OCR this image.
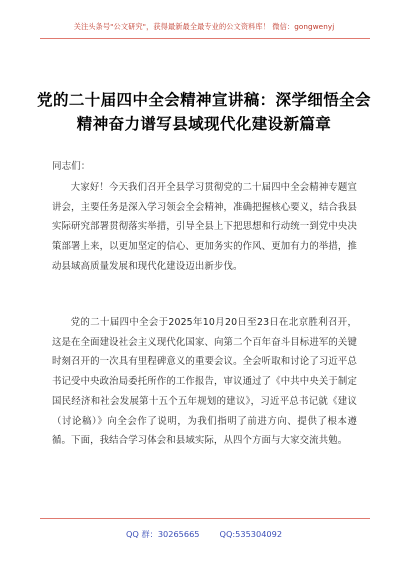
关注头条号"公文研究"，获得最新最全最专业的公文资料库！ 微信：gongwenyj
党的二十届四中全会精神宣讲稿：深学细悟全会精神奋力谱写县域现代化建设新篇章
同志们：
大家好！今天我们召开全县学习贯彻党的二十届四中全会精神专题宣讲会，主要任务是深入学习领会全会精神，准确把握核心要义，结合我县实际研究部署贯彻落实举措，引导全县上下把思想和行动统一到党中央决策部署上来，以更加坚定的信心、更加务实的作风、更加有力的举措，推动县域高质量发展和现代化建设迈出新步伐。
党的二十届四中全会于2025年10月20日至23日在北京胜利召开，这是在全面建设社会主义现代化国家、向第二个百年奋斗目标进军的关键时刻召开的一次具有里程碑意义的重要会议。全会听取和讨论了习近平总书记受中央政治局委托所作的工作报告，审议通过了《中共中央关于制定国民经济和社会发展第十五个五年规划的建议》，习近平总书记就《建议（讨论稿）》向全会作了说明，为我们指明了前进方向、提供了根本遵循。下面，我结合学习体会和县域实际，从四个方面与大家交流共勉。
QQ 群：30265665 QQ:535304092
